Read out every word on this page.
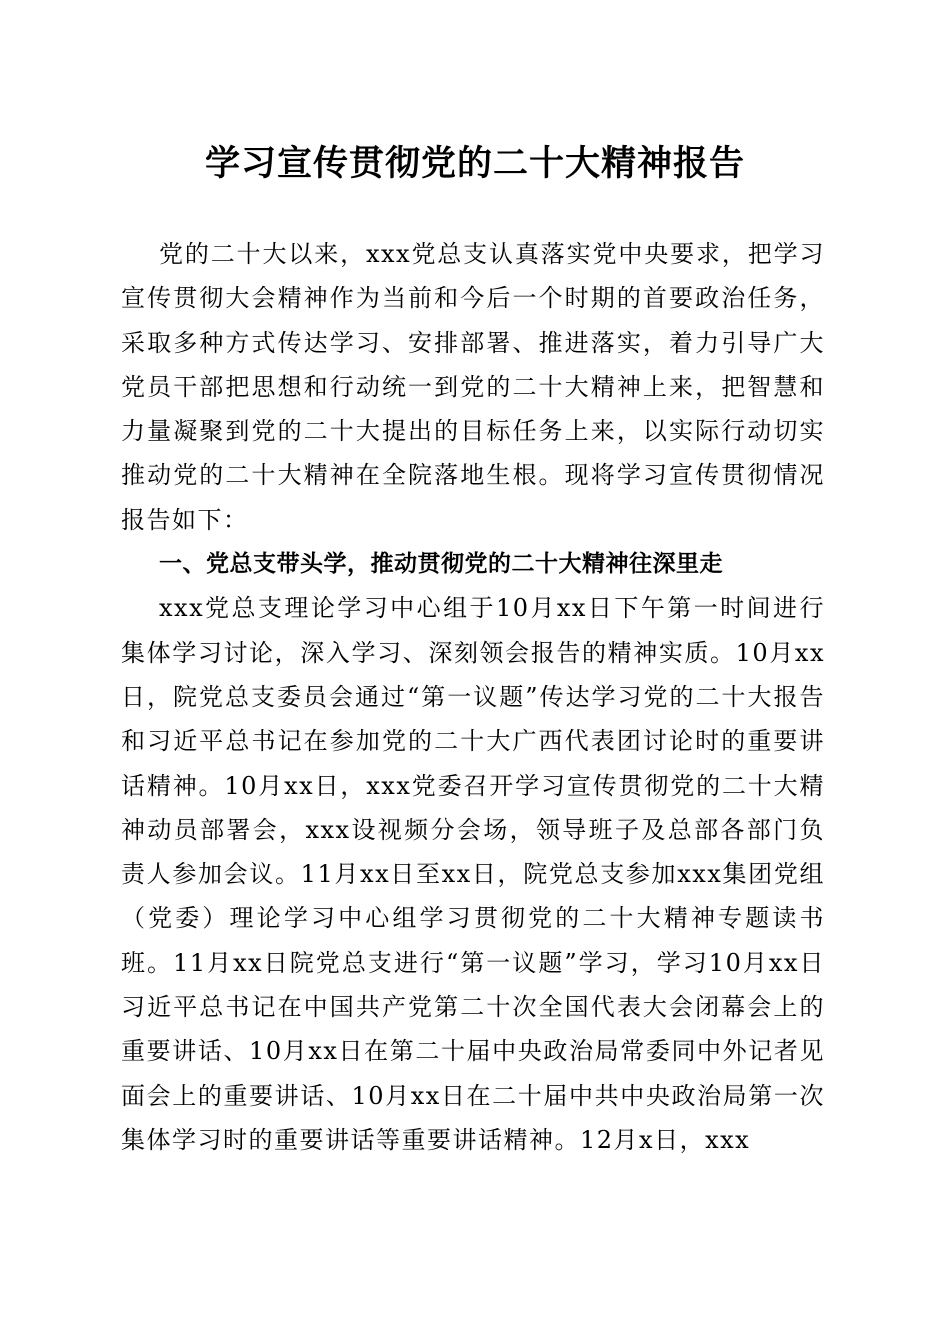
学习宣传贯彻党的二十大精神报告

党的二十大以来，xxx党总支认真落实党中央要求，把学习宣传贯彻大会精神作为当前和今后一个时期的首要政治任务，采取多种方式传达学习、安排部署、推进落实，着力引导广大党员干部把思想和行动统一到党的二十大精神上来，把智慧和力量凝聚到党的二十大提出的目标任务上来，以实际行动切实推动党的二十大精神在全院落地生根。现将学习宣传贯彻情况报告如下：

一、党总支带头学，推动贯彻党的二十大精神往深里走

xxx党总支理论学习中心组于10月xx日下午第一时间进行集体学习讨论，深入学习、深刻领会报告的精神实质。10月xx日，院党总支委员会通过“第一议题”传达学习党的二十大报告和习近平总书记在参加党的二十大广西代表团讨论时的重要讲话精神。10月xx日，xxx党委召开学习宣传贯彻党的二十大精神动员部署会，xxx设视频分会场，领导班子及总部各部门负责人参加会议。11月xx日至xx日，院党总支参加xxx集团党组（党委）理论学习中心组学习贯彻党的二十大精神专题读书班。11月xx日院党总支进行“第一议题”学习，学习10月xx日习近平总书记在中国共产党第二十次全国代表大会闭幕会上的重要讲话、10月xx日在第二十届中央政治局常委同中外记者见面会上的重要讲话、10月xx日在二十届中共中央政治局第一次集体学习时的重要讲话等重要讲话精神。12月x日，xxx
